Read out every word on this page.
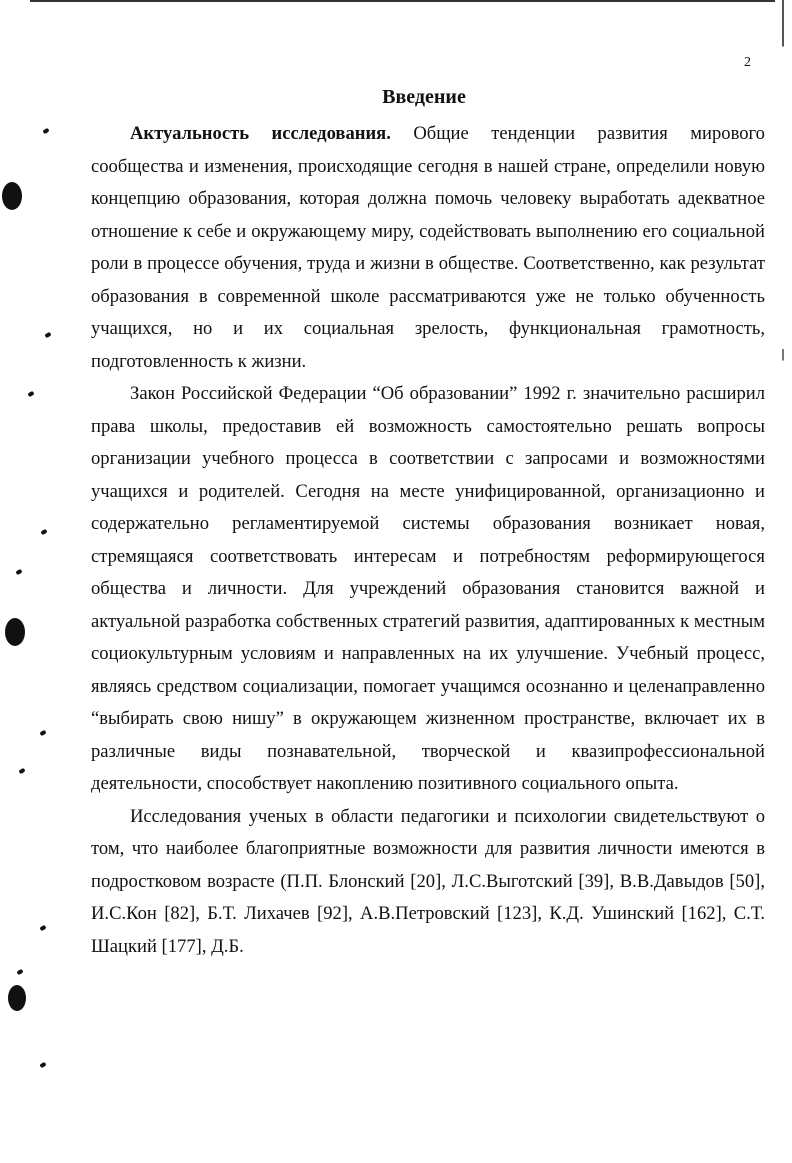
2
Введение

Актуальность исследования. Общие тенденции развития мирового сообщества и изменения, происходящие сегодня в нашей стране, определили новую концепцию образования, которая должна помочь человеку выработать адекватное отношение к себе и окружающему миру, содействовать выполнению его социальной роли в процессе обучения, труда и жизни в обществе. Соответственно, как результат образования в современной школе рассматриваются уже не только обученность учащихся, но и их социальная зрелость, функциональная грамотность, подготовленность к жизни.

Закон Российской Федерации “Об образовании” 1992 г. значительно расширил права школы, предоставив ей возможность самостоятельно решать вопросы организации учебного процесса в соответствии с запросами и возможностями учащихся и родителей. Сегодня на месте унифицированной, организационно и содержательно регламентируемой системы образования возникает новая, стремящаяся соответствовать интересам и потребностям реформирующегося общества и личности. Для учреждений образования становится важной и актуальной разработка собственных стратегий развития, адаптированных к местным социокультурным условиям и направленных на их улучшение. Учебный процесс, являясь средством социализации, помогает учащимся осознанно и целенаправленно “выбирать свою нишу” в окружающем жизненном пространстве, включает их в различные виды познавательной, творческой и квазипрофессиональной деятельности, способствует накоплению позитивного социального опыта.

Исследования ученых в области педагогики и психологии свидетельствуют о том, что наиболее благоприятные возможности для развития личности имеются в подростковом возрасте (П.П. Блонский [20], Л.С.Выготский [39], В.В.Давыдов [50], И.С.Кон [82], Б.Т. Лихачев [92], А.В.Петровский [123], К.Д. Ушинский [162], С.Т. Шацкий [177], Д.Б.
